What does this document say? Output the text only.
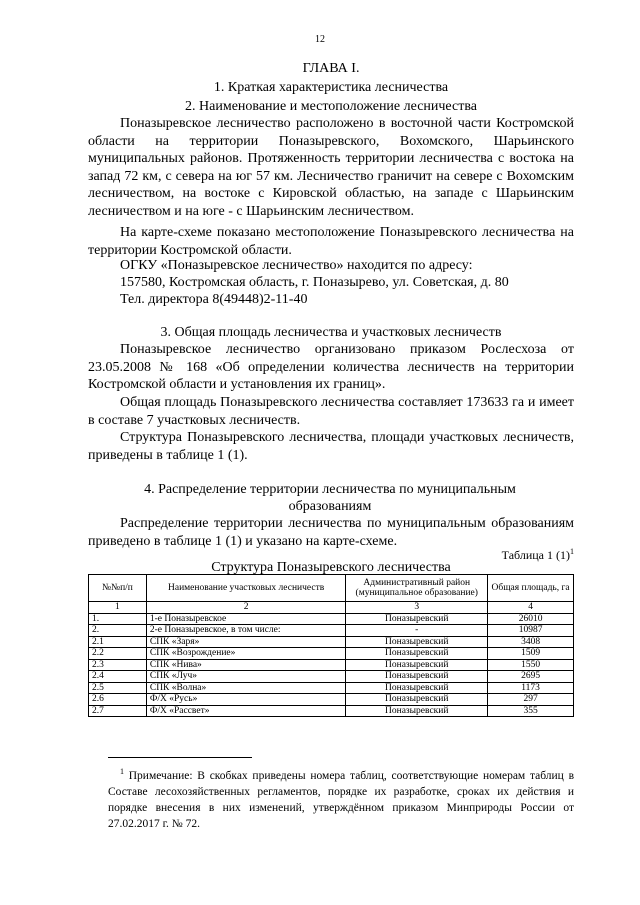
12
ГЛАВА I.
1. Краткая характеристика лесничества
2. Наименование и местоположение лесничества
Поназыревское лесничество расположено в восточной части Костромской области на территории Поназыревского, Вохомского, Шарьинского муниципальных районов. Протяженность территории лесничества с востока на запад 72 км, с севера на юг 57 км. Лесничество граничит на севере с Вохомским лесничеством, на востоке с Кировской областью, на западе с Шарьинским лесничеством и на юге - с Шарьинским лесничеством.
На карте-схеме показано местоположение Поназыревского лесничества на территории Костромской области.
ОГКУ «Поназыревское лесничество» находится по адресу:
157580, Костромская область, г. Поназырево, ул. Советская, д. 80
Тел. директора 8(49448)2-11-40
3. Общая площадь лесничества и участковых лесничеств
Поназыревское лесничество организовано приказом Рослесхоза от 23.05.2008 № 168 «Об определении количества лесничеств на территории Костромской области и установления их границ».
Общая площадь Поназыревского лесничества составляет 173633 га и имеет в составе 7 участковых лесничеств.
Структура Поназыревского лесничества, площади участковых лесничеств, приведены в таблице 1 (1).
4. Распределение территории лесничества по муниципальным образованиям
Распределение территории лесничества по муниципальным образованиям приведено в таблице 1 (1) и указано на карте-схеме.
Таблица 1 $(1)^1$
Структура Поназыревского лесничества
№№п/п	Наименование участковых лесничеств	Административный район (муниципальное образование)	Общая площадь, га
1	2	3	4
1.	1-е Поназыревское	Поназыревский	26010
2.	2-е Поназыревское, в том числе:	-	10987
2.1	СПК «Заря»	Поназыревский	3408
2.2	СПК «Возрождение»	Поназыревский	1509
2.3	СПК «Нива»	Поназыревский	1550
2.4	СПК «Луч»	Поназыревский	2695
2.5	СПК «Волна»	Поназыревский	1173
2.6	Ф/Х «Русь»	Поназыревский	297
2.7	Ф/Х «Рассвет»	Поназыревский	355
$^1$ Примечание: В скобках приведены номера таблиц, соответствующие номерам таблиц в Составе лесохозяйственных регламентов, порядке их разработке, сроках их действия и порядке внесения в них изменений, утверждённом приказом Минприроды России от 27.02.2017 г. № 72.
